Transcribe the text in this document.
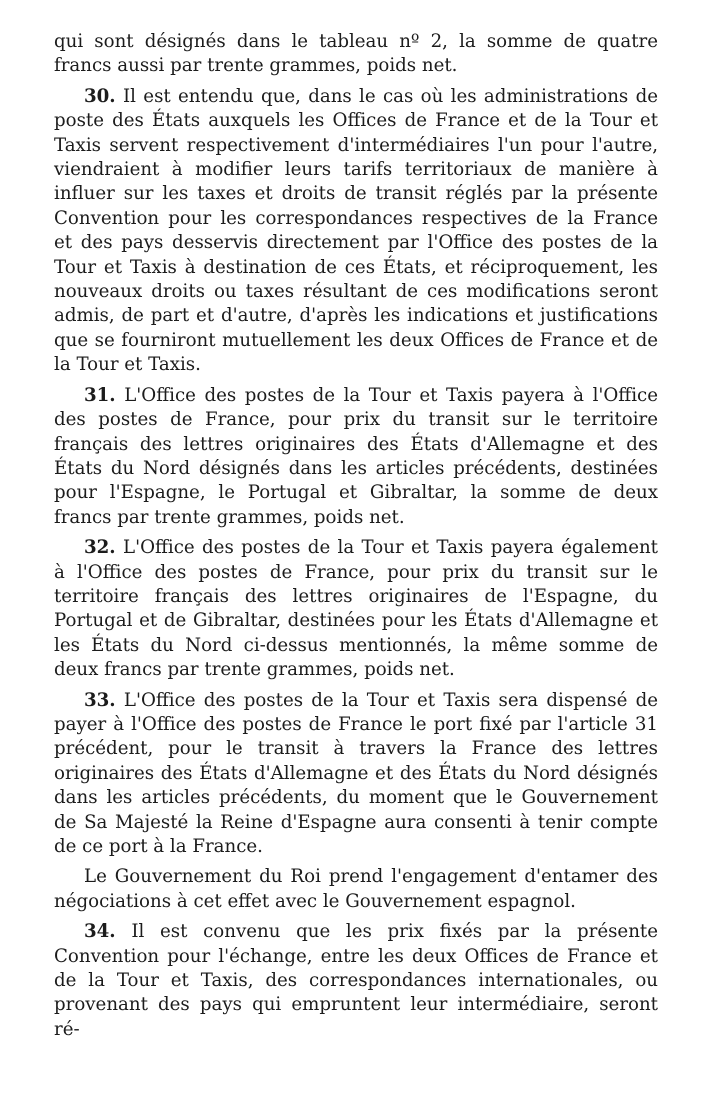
qui sont désignés dans le tableau nº 2, la somme de quatre francs aussi par trente grammes, poids net.

30. Il est entendu que, dans le cas où les administrations de poste des États auxquels les Offices de France et de la Tour et Taxis servent respectivement d'intermédiaires l'un pour l'autre, viendraient à modifier leurs tarifs territoriaux de manière à influer sur les taxes et droits de transit réglés par la présente Convention pour les correspondances respectives de la France et des pays desservis directement par l'Office des postes de la Tour et Taxis à destination de ces États, et réciproquement, les nouveaux droits ou taxes résultant de ces modifications seront admis, de part et d'autre, d'après les indications et justifications que se fourniront mutuellement les deux Offices de France et de la Tour et Taxis.

31. L'Office des postes de la Tour et Taxis payera à l'Office des postes de France, pour prix du transit sur le territoire français des lettres originaires des États d'Allemagne et des États du Nord désignés dans les articles précédents, destinées pour l'Espagne, le Portugal et Gibraltar, la somme de deux francs par trente grammes, poids net.

32. L'Office des postes de la Tour et Taxis payera également à l'Office des postes de France, pour prix du transit sur le territoire français des lettres originaires de l'Espagne, du Portugal et de Gibraltar, destinées pour les États d'Allemagne et les États du Nord ci-dessus mentionnés, la même somme de deux francs par trente grammes, poids net.

33. L'Office des postes de la Tour et Taxis sera dispensé de payer à l'Office des postes de France le port fixé par l'article 31 précédent, pour le transit à travers la France des lettres originaires des États d'Allemagne et des États du Nord désignés dans les articles précédents, du moment que le Gouvernement de Sa Majesté la Reine d'Espagne aura consenti à tenir compte de ce port à la France.

Le Gouvernement du Roi prend l'engagement d'entamer des négociations à cet effet avec le Gouvernement espagnol.

34. Il est convenu que les prix fixés par la présente Convention pour l'échange, entre les deux Offices de France et de la Tour et Taxis, des correspondances internationales, ou provenant des pays qui empruntent leur intermédiaire, seront ré-
